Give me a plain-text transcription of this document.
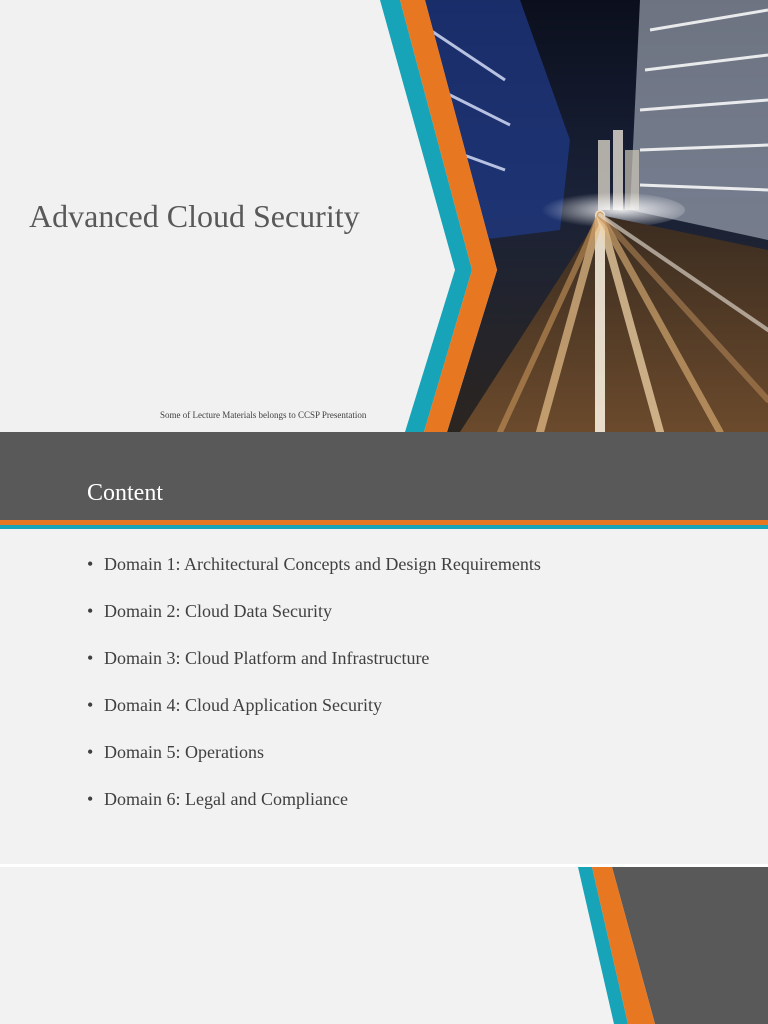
Advanced Cloud Security
Some of Lecture Materials belongs to CCSP Presentation
Content
• Domain 1: Architectural Concepts and Design Requirements
• Domain 2: Cloud Data Security
• Domain 3: Cloud Platform and Infrastructure
• Domain 4: Cloud Application Security
• Domain 5: Operations
• Domain 6: Legal and Compliance
